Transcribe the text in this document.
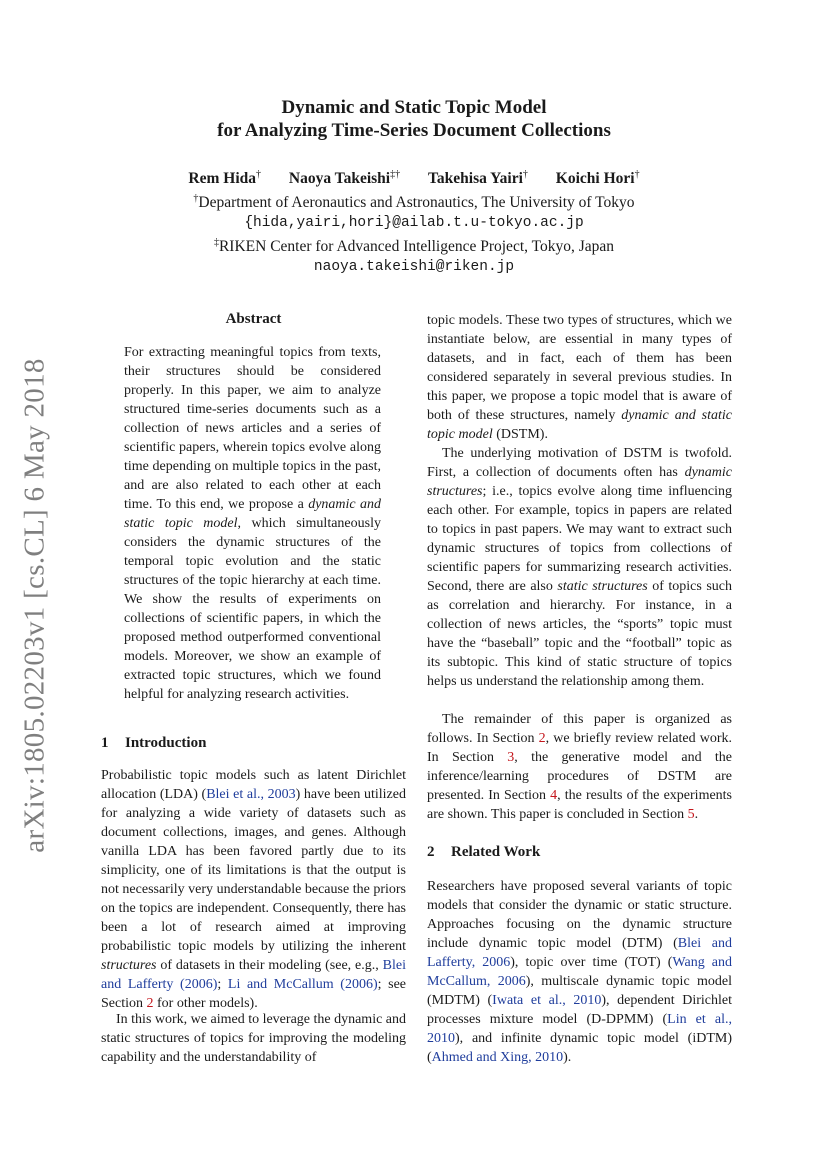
arXiv:1805.02203v1 [cs.CL] 6 May 2018
Dynamic and Static Topic Model
for Analyzing Time-Series Document Collections
Rem Hida† Naoya Takeishi‡† Takehisa Yairi† Koichi Hori†
†Department of Aeronautics and Astronautics, The University of Tokyo
{hida,yairi,hori}@ailab.t.u-tokyo.ac.jp
‡RIKEN Center for Advanced Intelligence Project, Tokyo, Japan
naoya.takeishi@riken.jp
Abstract
For extracting meaningful topics from texts, their structures should be considered properly. In this paper, we aim to analyze structured time-series documents such as a collection of news articles and a series of scientific papers, wherein topics evolve along time depending on multiple topics in the past, and are also related to each other at each time. To this end, we propose a dynamic and static topic model, which simultaneously considers the dynamic structures of the temporal topic evolution and the static structures of the topic hierarchy at each time. We show the results of experiments on collections of scientific papers, in which the proposed method outperformed conventional models. Moreover, we show an example of extracted topic structures, which we found helpful for analyzing research activities.
1 Introduction
Probabilistic topic models such as latent Dirichlet allocation (LDA) (Blei et al., 2003) have been utilized for analyzing a wide variety of datasets such as document collections, images, and genes. Although vanilla LDA has been favored partly due to its simplicity, one of its limitations is that the output is not necessarily very understandable because the priors on the topics are independent. Consequently, there has been a lot of research aimed at improving probabilistic topic models by utilizing the inherent structures of datasets in their modeling (see, e.g., Blei and Lafferty (2006); Li and McCallum (2006); see Section 2 for other models).
In this work, we aimed to leverage the dynamic and static structures of topics for improving the modeling capability and the understandability of
topic models. These two types of structures, which we instantiate below, are essential in many types of datasets, and in fact, each of them has been considered separately in several previous studies. In this paper, we propose a topic model that is aware of both of these structures, namely dynamic and static topic model (DSTM).
The underlying motivation of DSTM is twofold. First, a collection of documents often has dynamic structures; i.e., topics evolve along time influencing each other. For example, topics in papers are related to topics in past papers. We may want to extract such dynamic structures of topics from collections of scientific papers for summarizing research activities. Second, there are also static structures of topics such as correlation and hierarchy. For instance, in a collection of news articles, the “sports” topic must have the “baseball” topic and the “football” topic as its subtopic. This kind of static structure of topics helps us understand the relationship among them.
The remainder of this paper is organized as follows. In Section 2, we briefly review related work. In Section 3, the generative model and the inference/learning procedures of DSTM are presented. In Section 4, the results of the experiments are shown. This paper is concluded in Section 5.
2 Related Work
Researchers have proposed several variants of topic models that consider the dynamic or static structure. Approaches focusing on the dynamic structure include dynamic topic model (DTM) (Blei and Lafferty, 2006), topic over time (TOT) (Wang and McCallum, 2006), multiscale dynamic topic model (MDTM) (Iwata et al., 2010), dependent Dirichlet processes mixture model (D-DPMM) (Lin et al., 2010), and infinite dynamic topic model (iDTM) (Ahmed and Xing, 2010).
